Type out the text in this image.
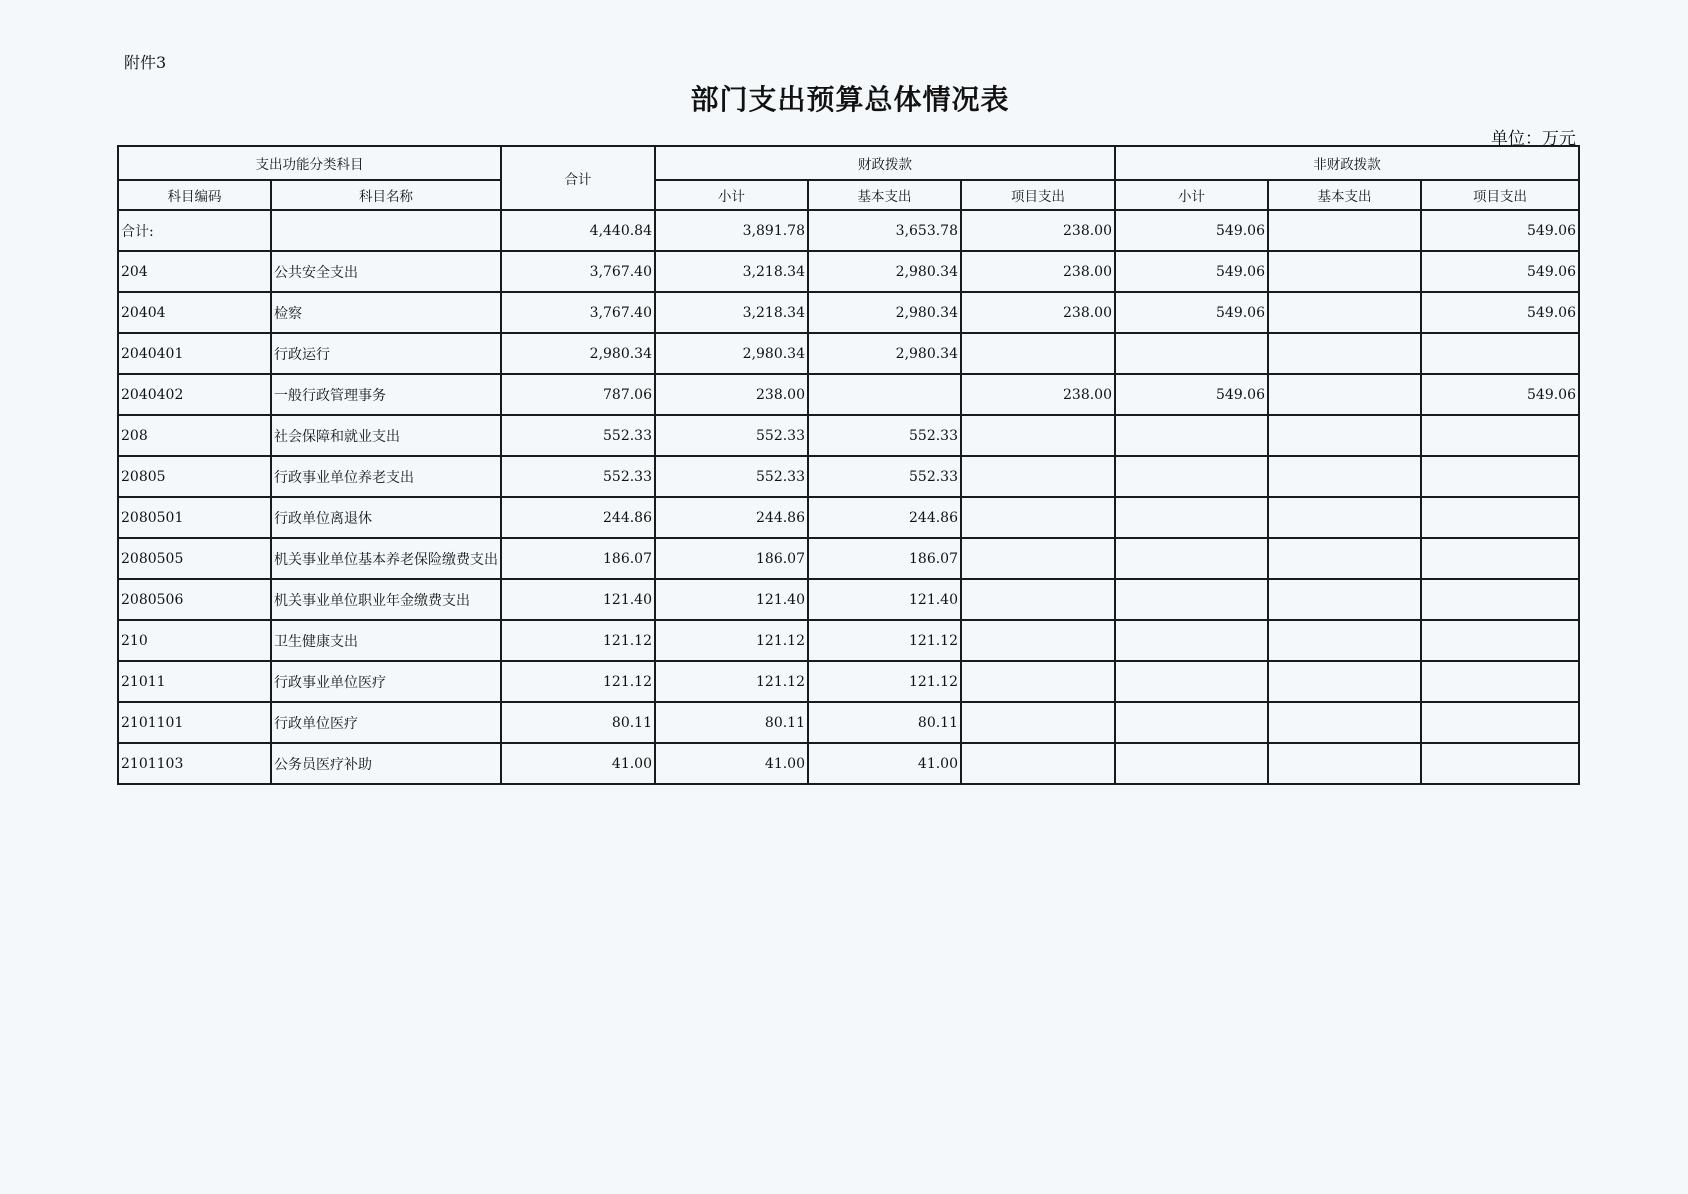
附件3
部门支出预算总体情况表
单位：万元
支出功能分类科目		合计	财政拨款			非财政拨款		
科目编码	科目名称		小计	基本支出	项目支出	小计	基本支出	项目支出
合计:		4,440.84	3,891.78	3,653.78	238.00	549.06		549.06
204	公共安全支出	3,767.40	3,218.34	2,980.34	238.00	549.06		549.06
20404	检察	3,767.40	3,218.34	2,980.34	238.00	549.06		549.06
2040401	行政运行	2,980.34	2,980.34	2,980.34				
2040402	一般行政管理事务	787.06	238.00		238.00	549.06		549.06
208	社会保障和就业支出	552.33	552.33	552.33				
20805	行政事业单位养老支出	552.33	552.33	552.33				
2080501	行政单位离退休	244.86	244.86	244.86				
2080505	机关事业单位基本养老保险缴费支出	186.07	186.07	186.07				
2080506	机关事业单位职业年金缴费支出	121.40	121.40	121.40				
210	卫生健康支出	121.12	121.12	121.12				
21011	行政事业单位医疗	121.12	121.12	121.12				
2101101	行政单位医疗	80.11	80.11	80.11				
2101103	公务员医疗补助	41.00	41.00	41.00				
